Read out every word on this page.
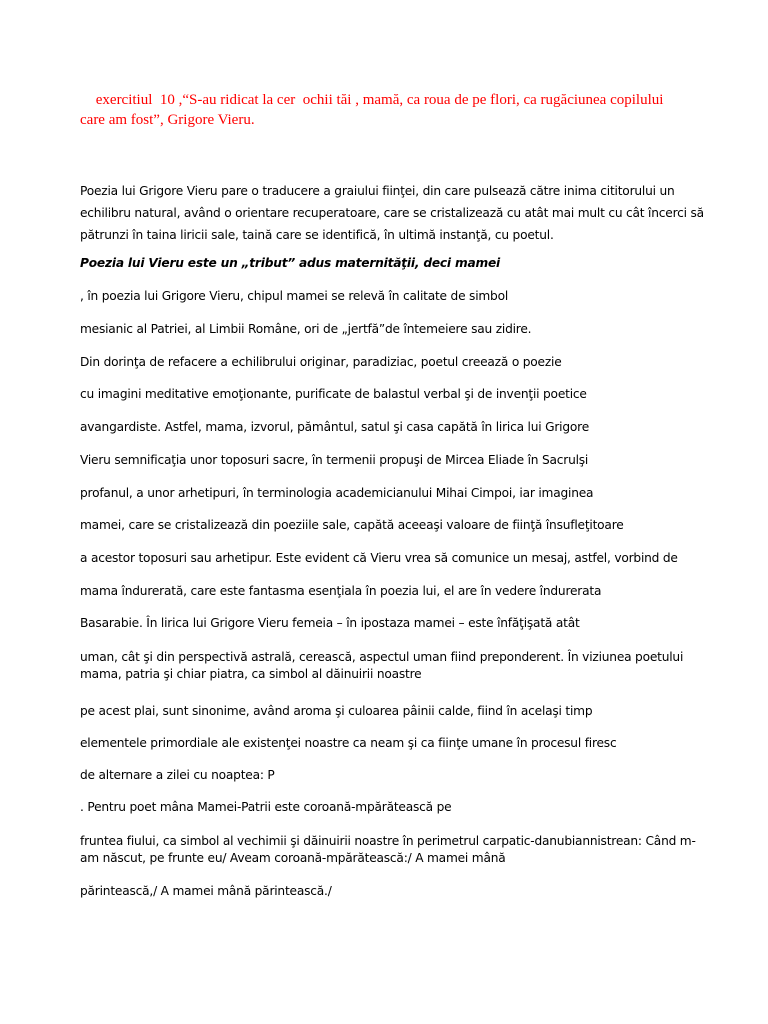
exercitiul  10 ,“S-au ridicat la cer  ochii tăi , mamă, ca roua de pe flori, ca rugăciunea copilului
care am fost”, Grigore Vieru.

Poezia lui Grigore Vieru pare o traducere a graiului fiinţei, din care pulsează către inima cititorului un

echilibru natural, având o orientare recuperatoare, care se cristalizează cu atât mai mult cu cât încerci să

pătrunzi în taina liricii sale, taină care se identifică, în ultimă instanţă, cu poetul.

Poezia lui Vieru este un „tribut” adus maternităţii, deci mamei

, în poezia lui Grigore Vieru, chipul mamei se relevă în calitate de simbol

mesianic al Patriei, al Limbii Române, ori de „jertfă”de întemeiere sau zidire.

Din dorinţa de refacere a echilibrului originar, paradiziac, poetul creează o poezie

cu imagini meditative emoţionante, purificate de balastul verbal şi de invenţii poetice

avangardiste. Astfel, mama, izvorul, pământul, satul şi casa capătă în lirica lui Grigore

Vieru semnificaţia unor toposuri sacre, în termenii propuşi de Mircea Eliade în Sacrulşi

profanul, a unor arhetipuri, în terminologia academicianului Mihai Cimpoi, iar imaginea

mamei, care se cristalizează din poeziile sale, capătă aceeaşi valoare de fiinţă însufleţitoare

a acestor toposuri sau arhetipur. Este evident că Vieru vrea să comunice un mesaj, astfel, vorbind de

mama îndurerată, care este fantasma esenţiala în poezia lui, el are în vedere îndurerata

Basarabie. În lirica lui Grigore Vieru femeia – în ipostaza mamei – este înfăţişată atât

uman, cât şi din perspectivă astrală, cerească, aspectul uman fiind preponderent. În viziunea poetului

mama, patria şi chiar piatra, ca simbol al dăinuirii noastre

pe acest plai, sunt sinonime, având aroma şi culoarea pâinii calde, fiind în acelaşi timp

elementele primordiale ale existenţei noastre ca neam şi ca fiinţe umane în procesul firesc

de alternare a zilei cu noaptea: P

. Pentru poet mâna Mamei-Patrii este coroană-mpărătească pe

fruntea fiului, ca simbol al vechimii şi dăinuirii noastre în perimetrul carpatic-danubiannistrean: Când m-

am născut, pe frunte eu/ Aveam coroană-mpărătească:/ A mamei mână

părintească,/ A mamei mână părintească./
